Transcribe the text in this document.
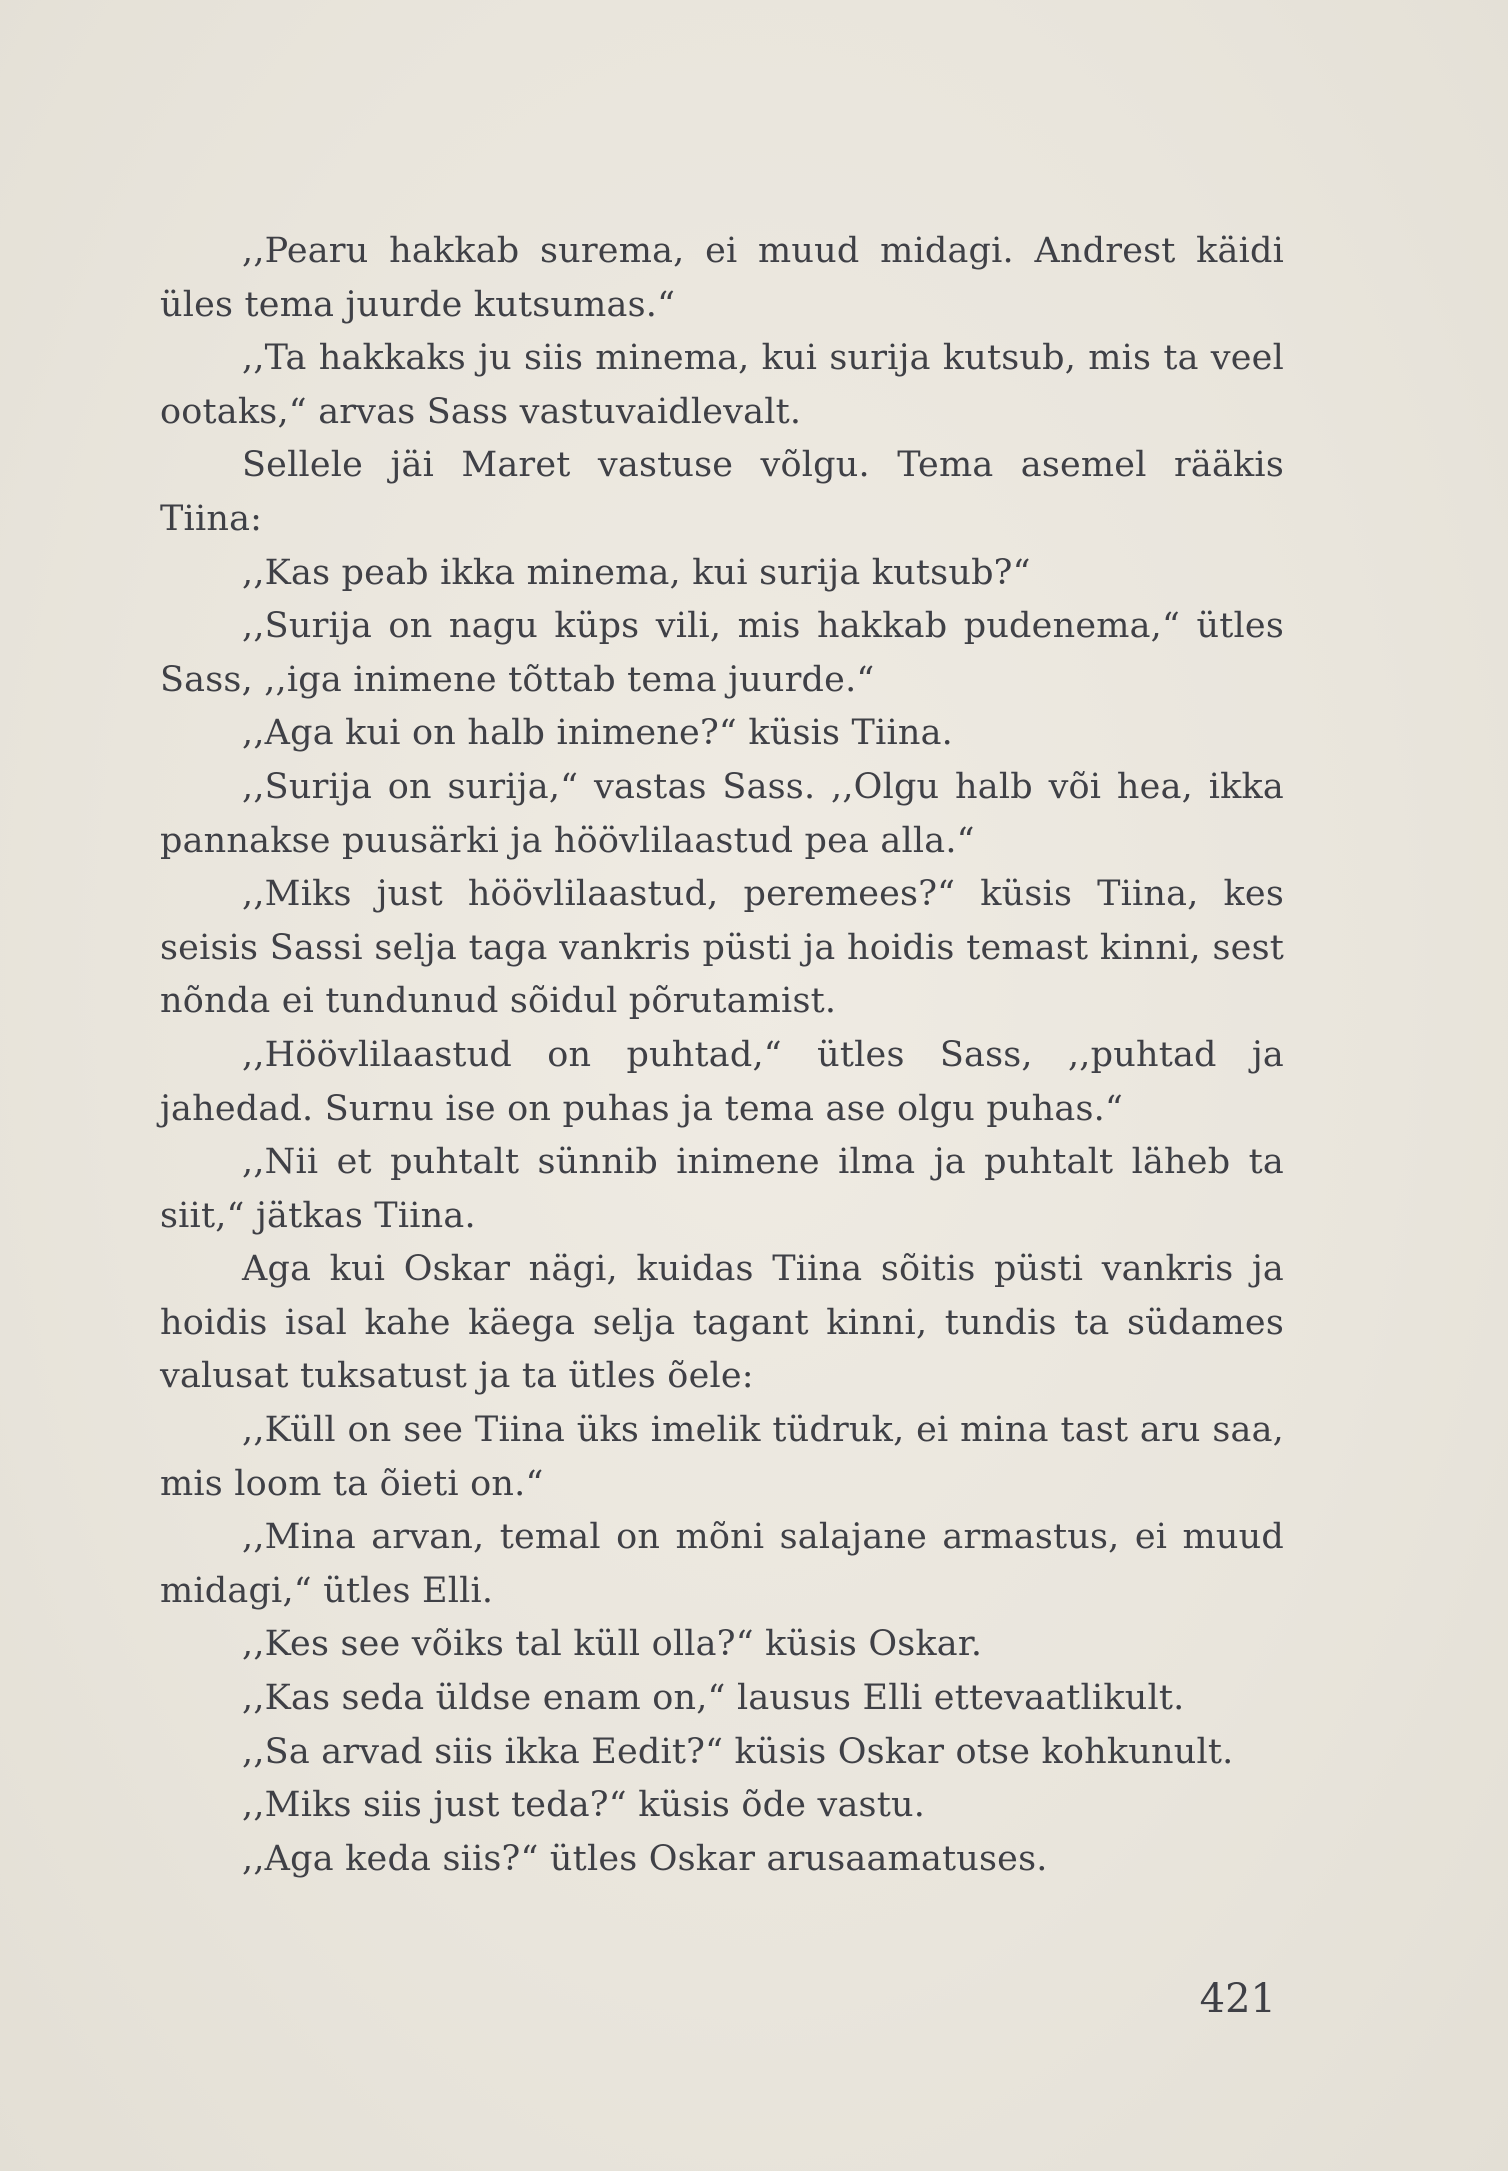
,,Pearu hakkab surema, ei muud midagi. Andrest käidi üles tema juurde kutsumas.“

,,Ta hakkaks ju siis minema, kui surija kutsub, mis ta veel ootaks,“ arvas Sass vastuvaidlevalt.

Sellele jäi Maret vastuse võlgu. Tema asemel rääkis Tiina:

,,Kas peab ikka minema, kui surija kutsub?“

,,Surija on nagu küps vili, mis hakkab pudenema,“ ütles Sass, ,,iga inimene tõttab tema juurde.“

,,Aga kui on halb inimene?“ küsis Tiina.

,,Surija on surija,“ vastas Sass. ,,Olgu halb või hea, ikka pannakse puusärki ja höövlilaastud pea alla.“

,,Miks just höövlilaastud, peremees?“ küsis Tiina, kes seisis Sassi selja taga vankris püsti ja hoidis temast kinni, sest nõnda ei tundunud sõidul põrutamist.

,,Höövlilaastud on puhtad,“ ütles Sass, ,,puhtad ja jahedad. Surnu ise on puhas ja tema ase olgu puhas.“

,,Nii et puhtalt sünnib inimene ilma ja puhtalt läheb ta siit,“ jätkas Tiina.

Aga kui Oskar nägi, kuidas Tiina sõitis püsti vankris ja hoidis isal kahe käega selja tagant kinni, tundis ta südames valusat tuksatust ja ta ütles õele:

,,Küll on see Tiina üks imelik tüdruk, ei mina tast aru saa, mis loom ta õieti on.“

,,Mina arvan, temal on mõni salajane armastus, ei muud midagi,“ ütles Elli.

,,Kes see võiks tal küll olla?“ küsis Oskar.

,,Kas seda üldse enam on,“ lausus Elli ettevaatlikult.

,,Sa arvad siis ikka Eedit?“ küsis Oskar otse kohkunult.

,,Miks siis just teda?“ küsis õde vastu.

,,Aga keda siis?“ ütles Oskar arusaamatuses.

421
